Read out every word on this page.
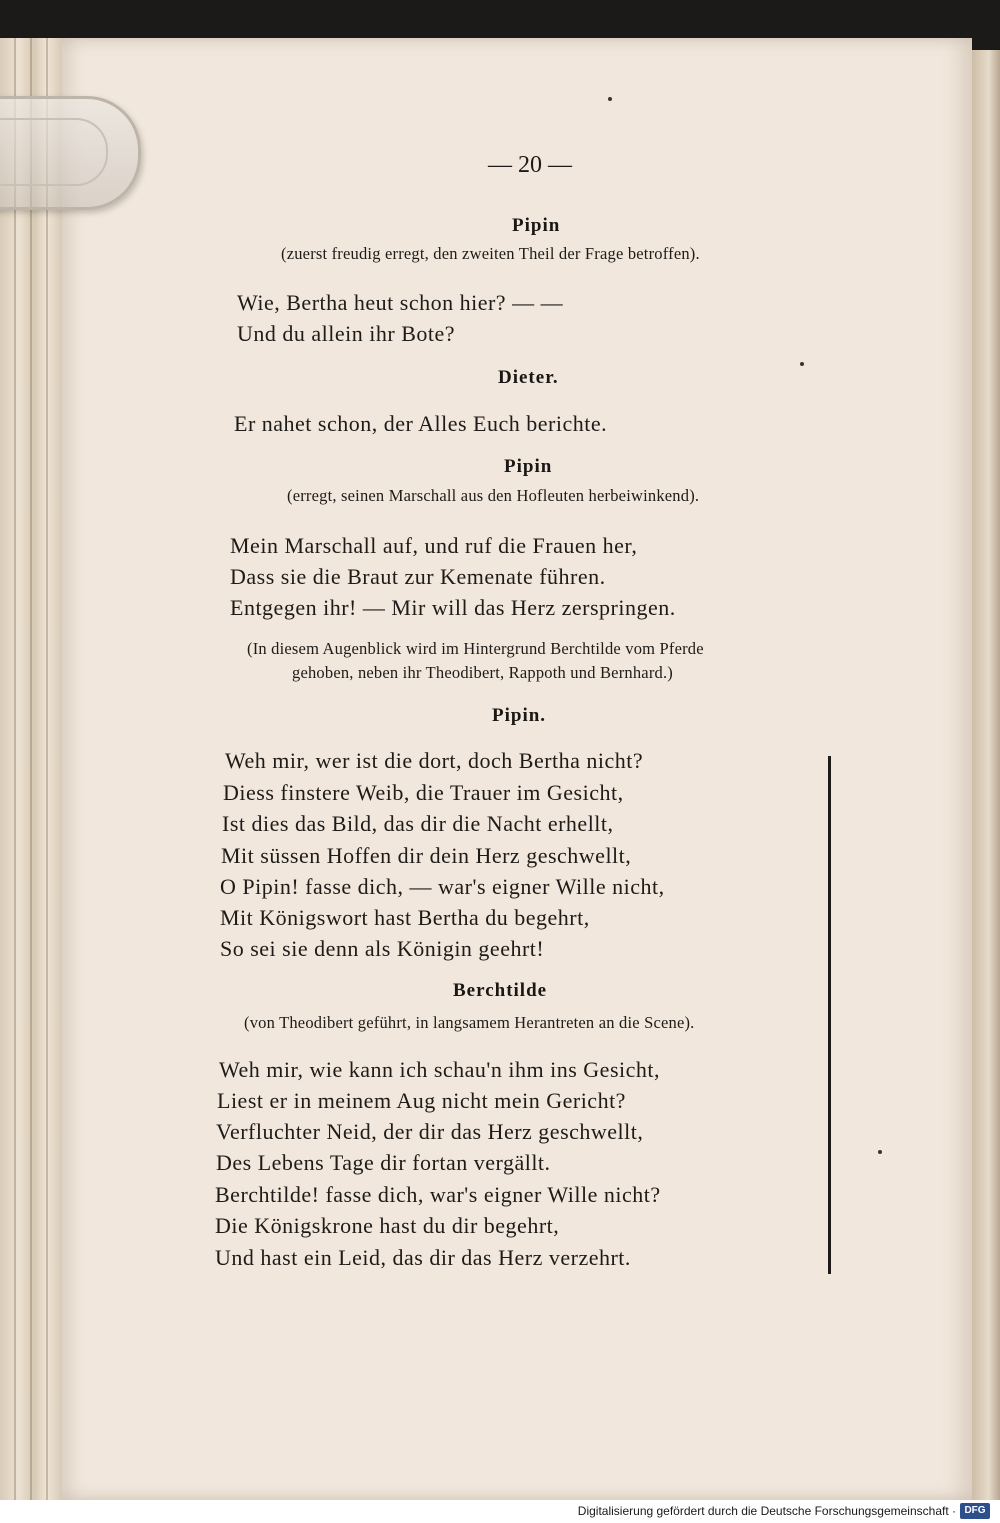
— 20 —
Pipin
(zuerst freudig erregt, den zweiten Theil der Frage betroffen).
Wie, Bertha heut schon hier? — —
Und du allein ihr Bote?
Dieter.
Er nahet schon, der Alles Euch berichte.
Pipin
(erregt, seinen Marschall aus den Hofleuten herbeiwinkend).
Mein Marschall auf, und ruf die Frauen her,
Dass sie die Braut zur Kemenate führen.
Entgegen ihr! — Mir will das Herz zerspringen.
(In diesem Augenblick wird im Hintergrund Berchtilde vom Pferde
gehoben, neben ihr Theodibert, Rappoth und Bernhard.)
Pipin.
Weh mir, wer ist die dort, doch Bertha nicht?
Diess finstere Weib, die Trauer im Gesicht,
Ist dies das Bild, das dir die Nacht erhellt,
Mit süssen Hoffen dir dein Herz geschwellt,
O Pipin! fasse dich, — war's eigner Wille nicht,
Mit Königswort hast Bertha du begehrt,
So sei sie denn als Königin geehrt!
Berchtilde
(von Theodibert geführt, in langsamem Herantreten an die Scene).
Weh mir, wie kann ich schau'n ihm ins Gesicht,
Liest er in meinem Aug nicht mein Gericht?
Verfluchter Neid, der dir das Herz geschwellt,
Des Lebens Tage dir fortan vergällt.
Berchtilde! fasse dich, war's eigner Wille nicht?
Die Königskrone hast du dir begehrt,
Und hast ein Leid, das dir das Herz verzehrt.
Digitalisierung gefördert durch die Deutsche Forschungsgemeinschaft · DFG
